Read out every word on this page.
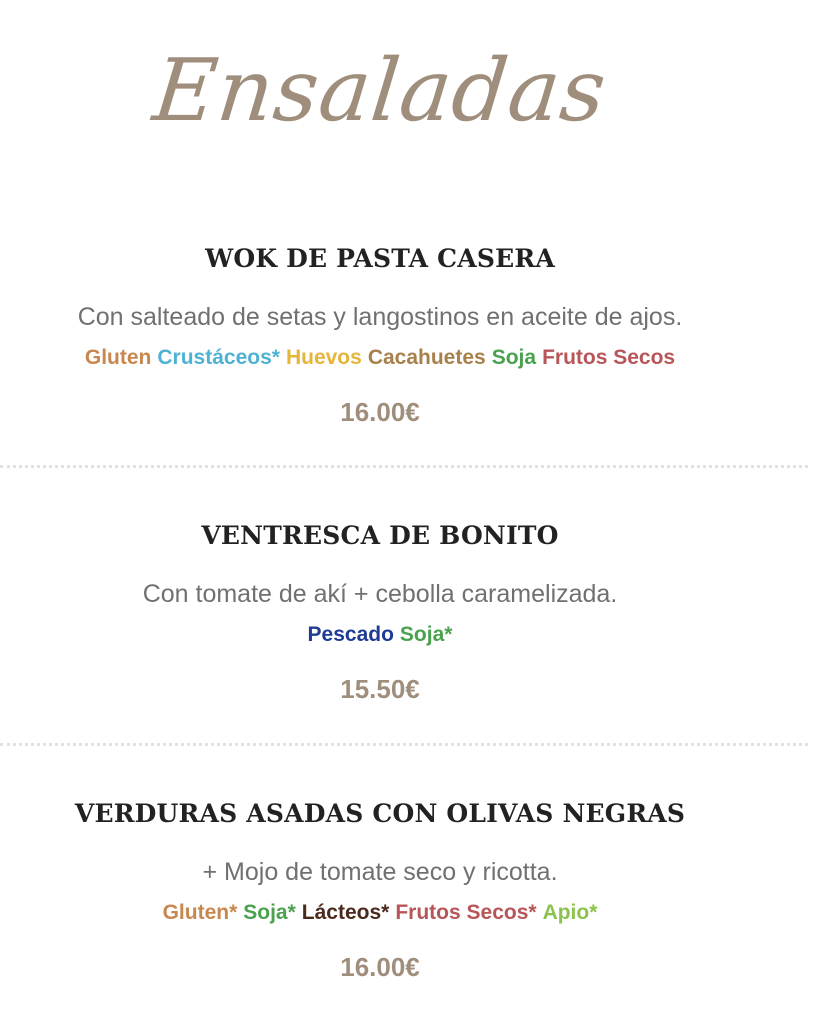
Ensaladas
WOK DE PASTA CASERA
Con salteado de setas y langostinos en aceite de ajos.
Gluten Crustáceos* Huevos Cacahuetes Soja Frutos Secos
16.00€
VENTRESCA DE BONITO
Con tomate de akí + cebolla caramelizada.
Pescado Soja*
15.50€
VERDURAS ASADAS CON OLIVAS NEGRAS
+ Mojo de tomate seco y ricotta.
Gluten* Soja* Lácteos* Frutos Secos* Apio*
16.00€
